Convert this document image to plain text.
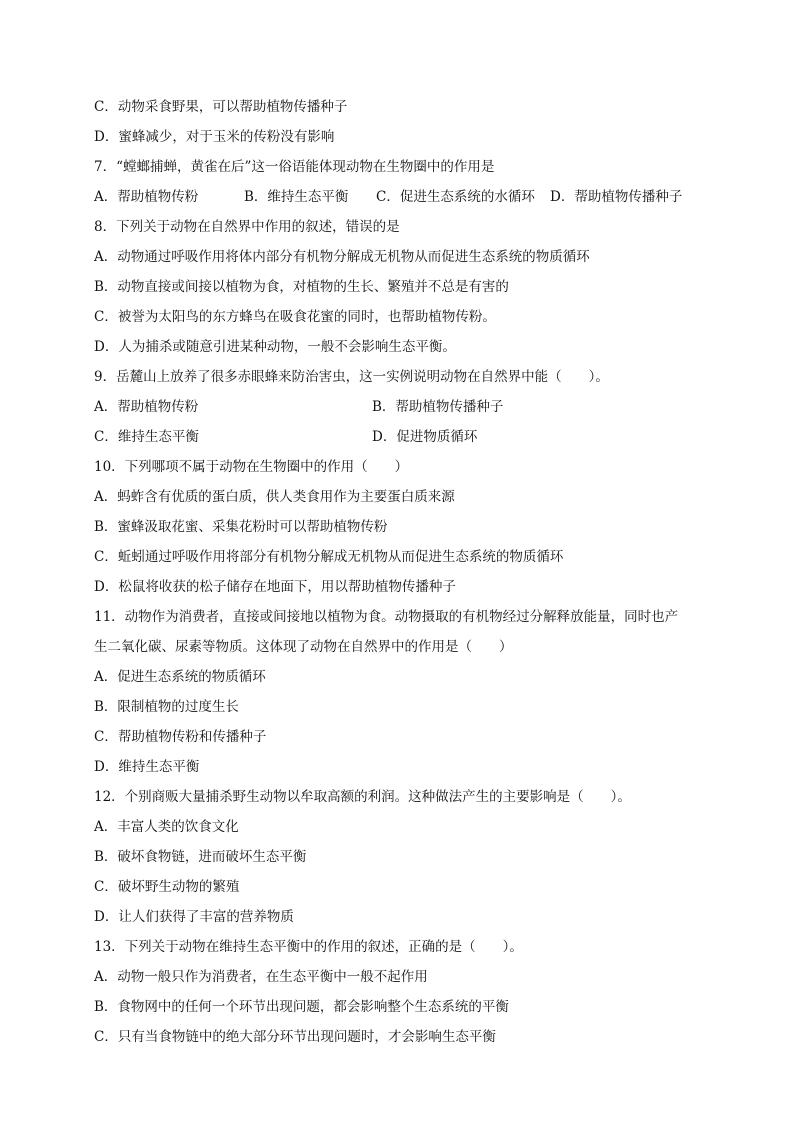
C．动物采食野果，可以帮助植物传播种子
D．蜜蜂减少，对于玉米的传粉没有影响
7．“螳螂捕蝉，黄雀在后”这一俗语能体现动物在生物圈中的作用是
A．帮助植物传粉	B．维持生态平衡 C．促进生态系统的水循环 D．帮助植物传播种子
8．下列关于动物在自然界中作用的叙述，错误的是
A．动物通过呼吸作用将体内部分有机物分解成无机物从而促进生态系统的物质循环
B．动物直接或间接以植物为食，对植物的生长、繁殖并不总是有害的
C．被誉为太阳鸟的东方蜂鸟在吸食花蜜的同时，也帮助植物传粉。
D．人为捕杀或随意引进某种动物，一般不会影响生态平衡。
9．岳麓山上放养了很多赤眼蜂来防治害虫，这一实例说明动物在自然界中能（　　）。
A．帮助植物传粉	B．帮助植物传播种子
C．维持生态平衡	D．促进物质循环
10．下列哪项不属于动物在生物圈中的作用（　　）
A．蚂蚱含有优质的蛋白质，供人类食用作为主要蛋白质来源
B．蜜蜂汲取花蜜、采集花粉时可以帮助植物传粉
C．蚯蚓通过呼吸作用将部分有机物分解成无机物从而促进生态系统的物质循环
D．松鼠将收获的松子储存在地面下，用以帮助植物传播种子
11．动物作为消费者，直接或间接地以植物为食。动物摄取的有机物经过分解释放能量，同时也产
生二氧化碳、尿素等物质。这体现了动物在自然界中的作用是（　　）
A．促进生态系统的物质循环
B．限制植物的过度生长
C．帮助植物传粉和传播种子
D．维持生态平衡
12．个别商贩大量捕杀野生动物以牟取高额的利润。这种做法产生的主要影响是（　　）。
A．丰富人类的饮食文化
B．破坏食物链，进而破坏生态平衡
C．破坏野生动物的繁殖
D．让人们获得了丰富的营养物质
13．下列关于动物在维持生态平衡中的作用的叙述，正确的是（　　）。
A．动物一般只作为消费者，在生态平衡中一般不起作用
B．食物网中的任何一个环节出现问题，都会影响整个生态系统的平衡
C．只有当食物链中的绝大部分环节出现问题时，才会影响生态平衡
